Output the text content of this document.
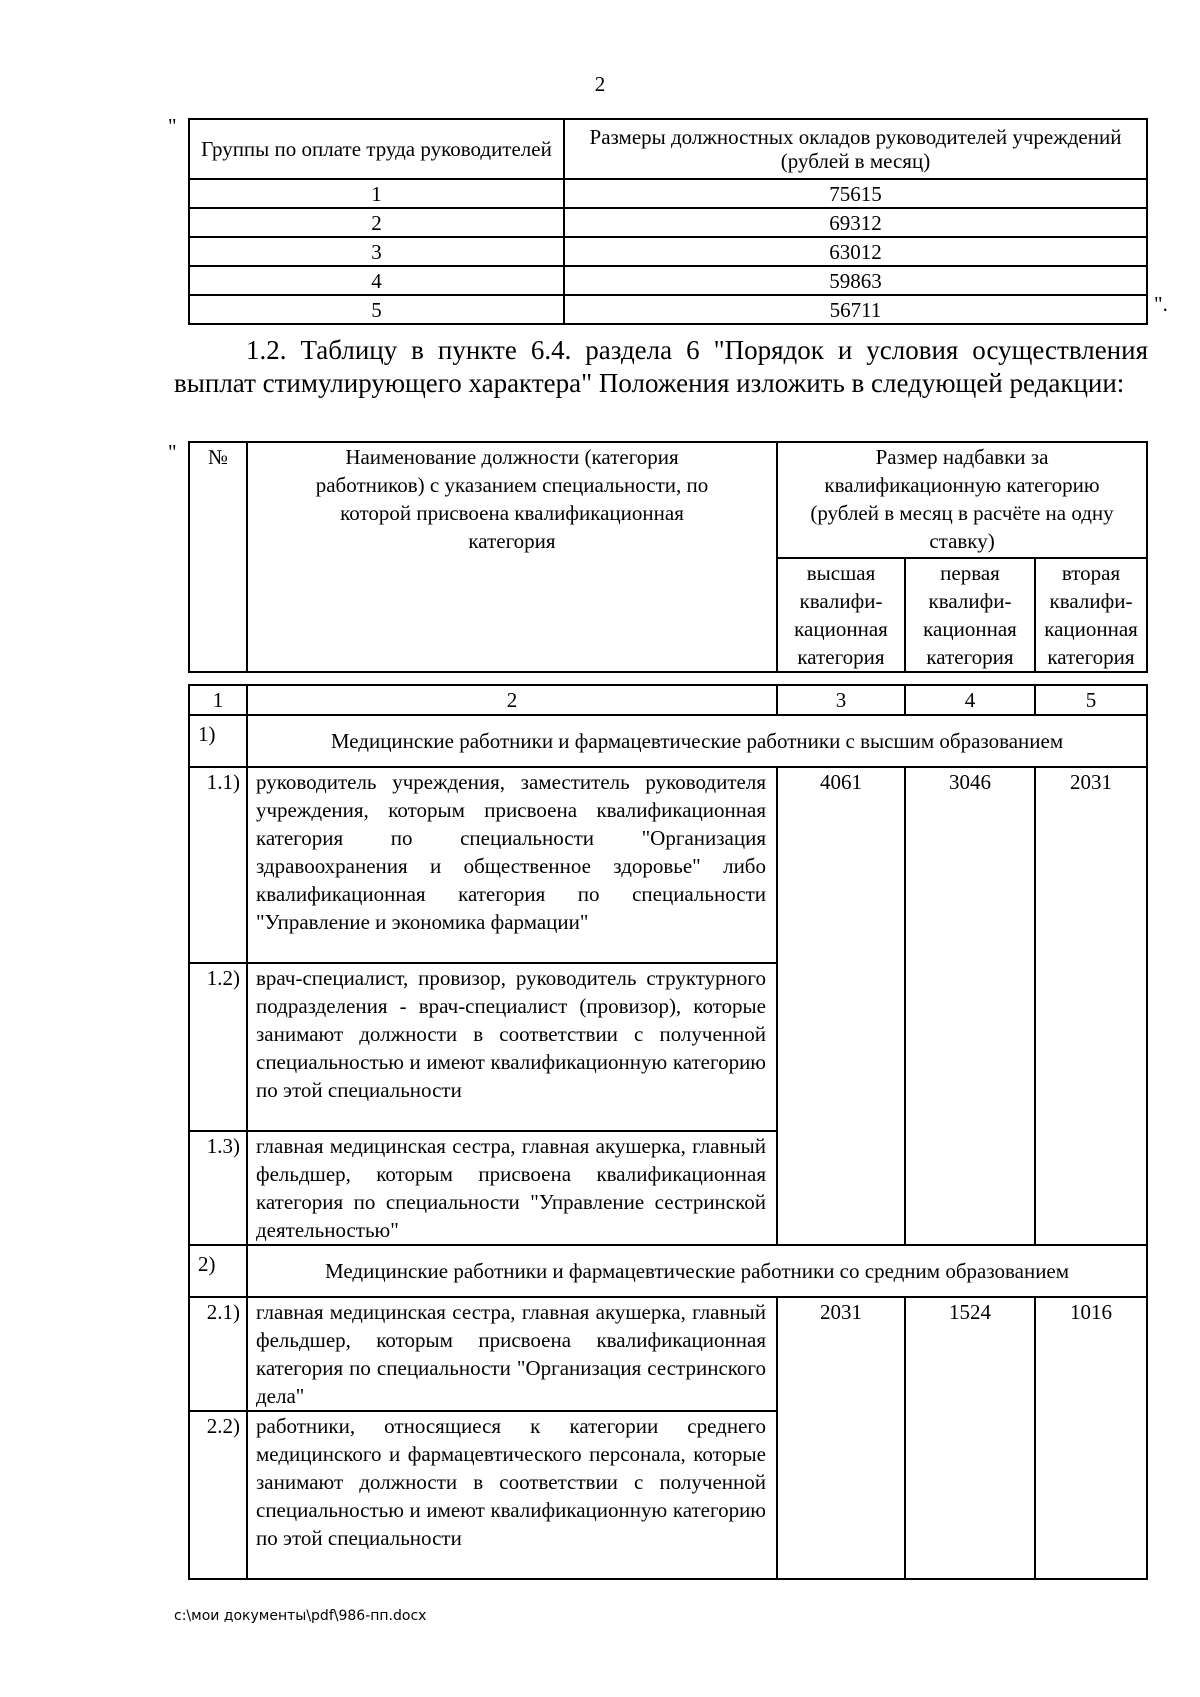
2
"
Группы по оплате труда руководителей	Размеры должностных окладов руководителей учреждений (рублей в месяц)
1	75615
2	69312
3	63012
4	59863
5	56711	".
1.2. Таблицу в пункте 6.4. раздела 6 "Порядок и условия осуществления выплат стимулирующего характера" Положения изложить в следующей редакции:
" №	Наименование должности (категория работников) с указанием специальности, по которой присвоена квалификационная категория	Размер надбавки за квалификационную категорию (рублей в месяц в расчёте на одну ставку)		
		высшая квалифи-кационная категория	первая квалифи-кационная категория	вторая квалифи-кационная категория
1	2	3	4	5
1)	Медицинские работники и фармацевтические работники с высшим образованием			
1.1)	руководитель учреждения, заместитель руководителя учреждения, которым присвоена квалификационная категория по специальности "Организация здравоохранения и общественное здоровье" либо квалификационная категория по специальности "Управление и экономика фармации"	4061	3046	2031
1.2)	врач-специалист, провизор, руководитель структурного подразделения - врач-специалист (провизор), которые занимают должности в соответствии с полученной специальностью и имеют квалификационную категорию по этой специальности			
1.3)	главная медицинская сестра, главная акушерка, главный фельдшер, которым присвоена квалификационная категория по специальности "Управление сестринской деятельностью"			
2)	Медицинские работники и фармацевтические работники со средним образованием			
2.1)	главная медицинская сестра, главная акушерка, главный фельдшер, которым присвоена квалификационная категория по специальности "Организация сестринского дела"	2031	1524	1016
2.2)	работники, относящиеся к категории среднего медицинского и фармацевтического персонала, которые занимают должности в соответствии с полученной специальностью и имеют квалификационную категорию по этой специальности			
c:\мои документы\pdf\986-пп.docx
